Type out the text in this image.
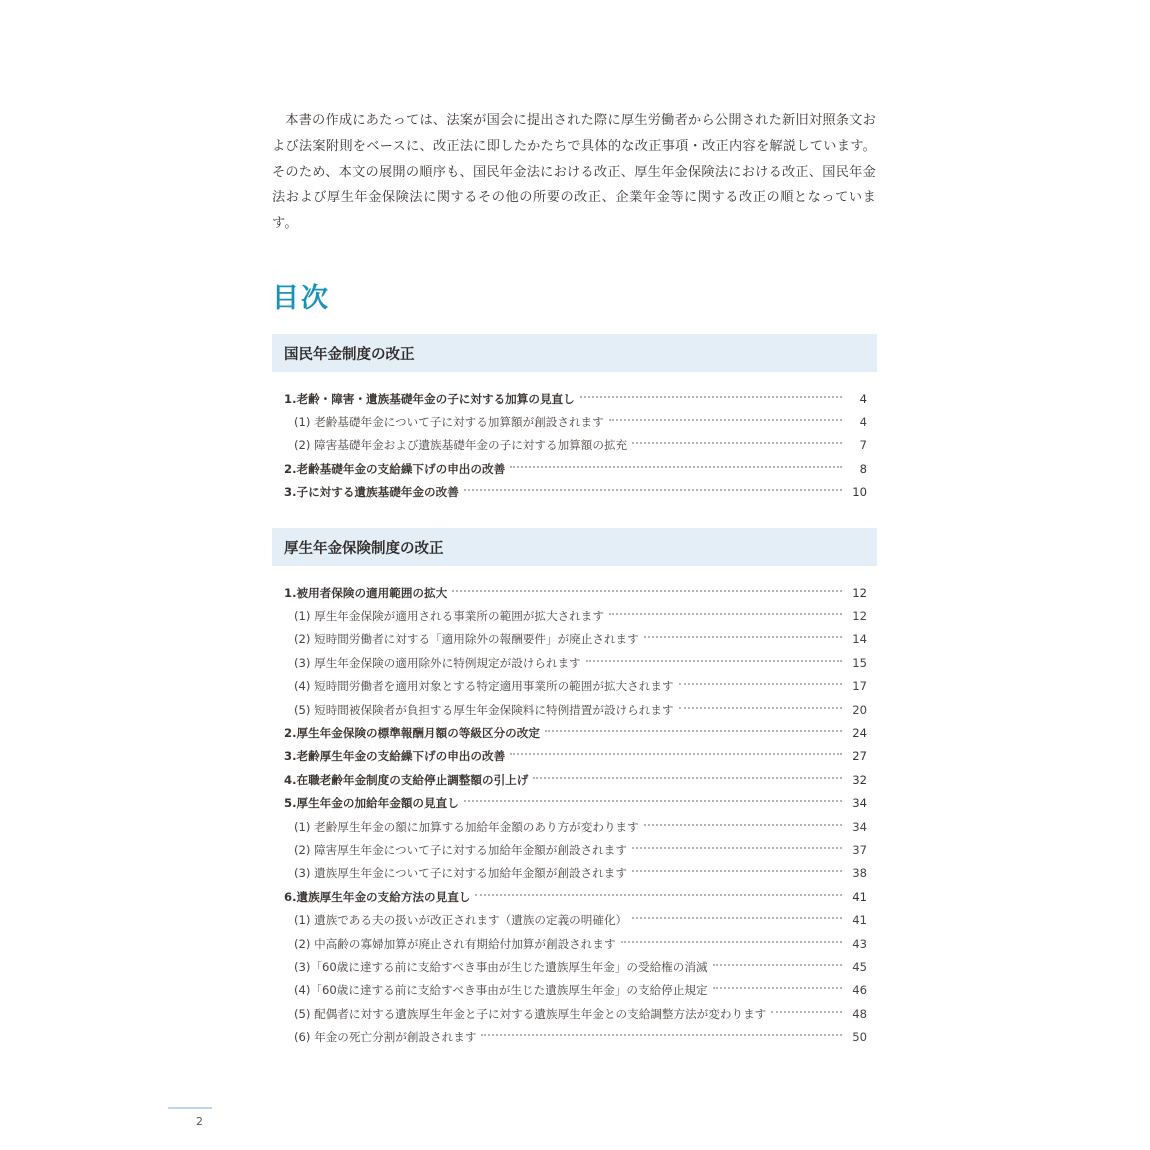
本書の作成にあたっては、法案が国会に提出された際に厚生労働者から公開された新旧対照条文および法案附則をベースに、改正法に即したかたちで具体的な改正事項・改正内容を解説しています。そのため、本文の展開の順序も、国民年金法における改正、厚生年金保険法における改正、国民年金法および厚生年金保険法に関するその他の所要の改正、企業年金等に関する改正の順となっています。

目次
国民年金制度の改正
1.老齢・障害・遺族基礎年金の子に対する加算の見直し	4
(1) 老齢基礎年金について子に対する加算額が創設されます	4
(2) 障害基礎年金および遺族基礎年金の子に対する加算額の拡充	7
2.老齢基礎年金の支給繰下げの申出の改善	8
3.子に対する遺族基礎年金の改善	10
厚生年金保険制度の改正
1.被用者保険の適用範囲の拡大	12
(1) 厚生年金保険が適用される事業所の範囲が拡大されます	12
(2) 短時間労働者に対する「適用除外の報酬要件」が廃止されます	14
(3) 厚生年金保険の適用除外に特例規定が設けられます	15
(4) 短時間労働者を適用対象とする特定適用事業所の範囲が拡大されます	17
(5) 短時間被保険者が負担する厚生年金保険料に特例措置が設けられます	20
2.厚生年金保険の標準報酬月額の等級区分の改定	24
3.老齢厚生年金の支給繰下げの申出の改善	27
4.在職老齢年金制度の支給停止調整額の引上げ	32
5.厚生年金の加給年金額の見直し	34
(1) 老齢厚生年金の額に加算する加給年金額のあり方が変わります	34
(2) 障害厚生年金について子に対する加給年金額が創設されます	37
(3) 遺族厚生年金について子に対する加給年金額が創設されます	38
6.遺族厚生年金の支給方法の見直し	41
(1) 遺族である夫の扱いが改正されます（遺族の定義の明確化）	41
(2) 中高齢の寡婦加算が廃止され有期給付加算が創設されます	43
(3)「60歳に達する前に支給すべき事由が生じた遺族厚生年金」の受給権の消滅	45
(4)「60歳に達する前に支給すべき事由が生じた遺族厚生年金」の支給停止規定	46
(5) 配偶者に対する遺族厚生年金と子に対する遺族厚生年金との支給調整方法が変わります	48
(6) 年金の死亡分割が創設されます	50
2
